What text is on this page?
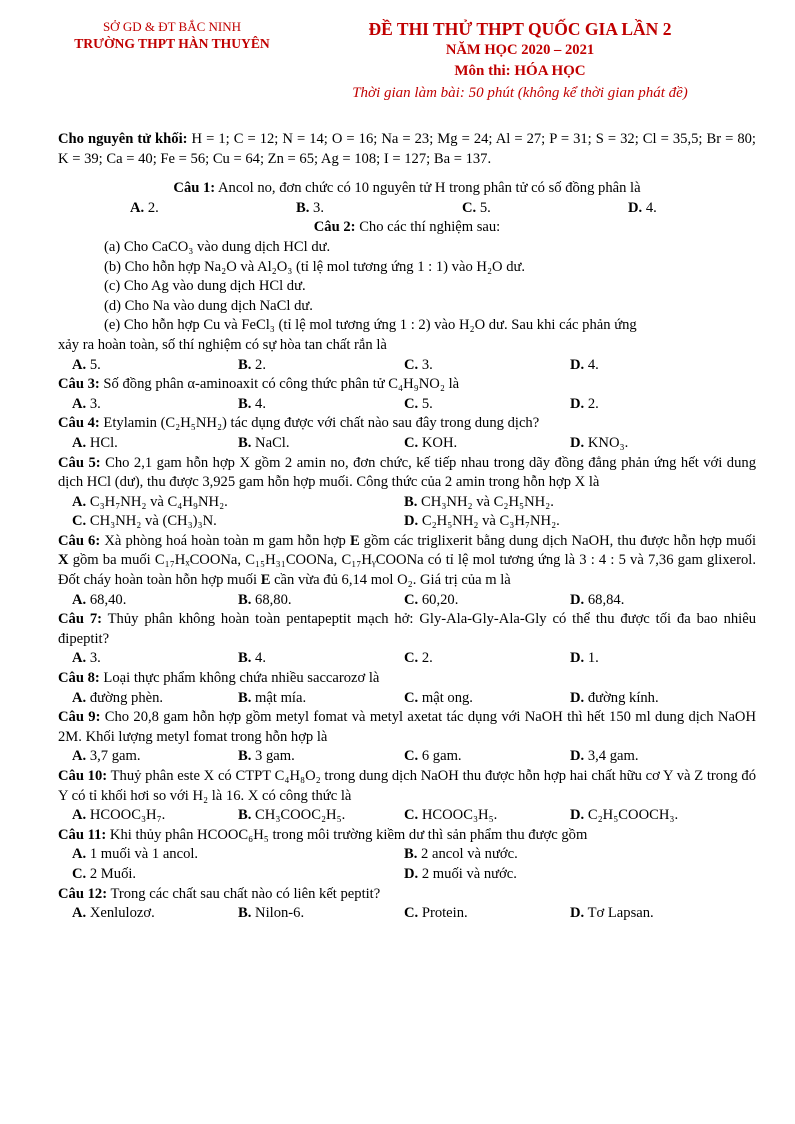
SỞ GD & ĐT BẮC NINH
TRƯỜNG THPT HÀN THUYÊN
ĐỀ THI THỬ THPT QUỐC GIA LẦN 2
NĂM HỌC 2020 – 2021
Môn thi: HÓA HỌC
Thời gian làm bài: 50 phút (không kể thời gian phát đề)
Cho nguyên tử khối: H = 1; C = 12; N = 14; O = 16; Na = 23; Mg = 24; Al = 27; P = 31; S = 32; Cl = 35,5; Br = 80; K = 39; Ca = 40; Fe = 56; Cu = 64; Zn = 65; Ag = 108; I = 127; Ba = 137.
Câu 1: Ancol no, đơn chức có 10 nguyên tử H trong phân tử có số đồng phân là
A. 2.	B. 3.	C. 5.	D. 4.
Câu 2: Cho các thí nghiệm sau:
(a) Cho CaCO₃ vào dung dịch HCl dư.
(b) Cho hỗn hợp Na₂O và Al₂O₃ (tỉ lệ mol tương ứng 1 : 1) vào H₂O dư.
(c) Cho Ag vào dung dịch HCl dư.
(d) Cho Na vào dung dịch NaCl dư.
(e) Cho hỗn hợp Cu và FeCl₃ (tỉ lệ mol tương ứng 1 : 2) vào H₂O dư. Sau khi các phản ứng
xảy ra hoàn toàn, số thí nghiệm có sự hòa tan chất rắn là
A. 5.	B. 2.	C. 3.	D. 4.
Câu 3: Số đồng phân α-aminoaxit có công thức phân tử C₄H₉NO₂ là
A. 3.	B. 4.	C. 5.	D. 2.
Câu 4: Etylamin (C₂H₅NH₂) tác dụng được với chất nào sau đây trong dung dịch?
A. HCl.	B. NaCl.	C. KOH.	D. KNO₃.
Câu 5: Cho 2,1 gam hỗn hợp X gồm 2 amin no, đơn chức, kế tiếp nhau trong dãy đồng đẳng phản ứng hết với dung dịch HCl (dư), thu được 3,925 gam hỗn hợp muối. Công thức của 2 amin trong hỗn hợp X là
A. C₃H₇NH₂ và C₄H₉NH₂.	B. CH₃NH₂ và C₂H₅NH₂.
C. CH₃NH₂ và (CH₃)₃N.	D. C₂H₅NH₂ và C₃H₇NH₂.
Câu 6: Xà phòng hoá hoàn toàn m gam hỗn hợp E gồm các triglixerit bằng dung dịch NaOH, thu được hỗn hợp muối X gồm ba muối C₁₇HₓCOONa, C₁₅H₃₁COONa, C₁₇HᵧCOONa có tỉ lệ mol tương ứng là 3 : 4 : 5 và 7,36 gam glixerol. Đốt cháy hoàn toàn hỗn hợp muối E cần vừa đủ 6,14 mol O₂. Giá trị của m là
A. 68,40.	B. 68,80.	C. 60,20.	D. 68,84.
Câu 7: Thủy phân không hoàn toàn pentapeptit mạch hở: Gly-Ala-Gly-Ala-Gly có thể thu được tối đa bao nhiêu đipeptit?
A. 3.	B. 4.	C. 2.	D. 1.
Câu 8: Loại thực phẩm không chứa nhiều saccarozơ là
A. đường phèn.	B. mật mía.	C. mật ong.	D. đường kính.
Câu 9: Cho 20,8 gam hỗn hợp gồm metyl fomat và metyl axetat tác dụng với NaOH thì hết 150 ml dung dịch NaOH 2M. Khối lượng metyl fomat trong hỗn hợp là
A. 3,7 gam.	B. 3 gam.	C. 6 gam.	D. 3,4 gam.
Câu 10: Thuỷ phân este X có CTPT C₄H₈O₂ trong dung dịch NaOH thu được hỗn hợp hai chất hữu cơ Y và Z trong đó Y có tỉ khối hơi so với H₂ là 16. X có công thức là
A. HCOOC₃H₇.	B. CH₃COOC₂H₅.	C. HCOOC₃H₅.	D. C₂H₅COOCH₃.
Câu 11: Khi thủy phân HCOOC₆H₅ trong môi trường kiềm dư thì sản phẩm thu được gồm
A. 1 muối và 1 ancol.	B. 2 ancol và nước.
C. 2 Muối.	D. 2 muối và nước.
Câu 12: Trong các chất sau chất nào có liên kết peptit?
A. Xenlulozơ.	B. Nilon-6.	C. Protein.	D. Tơ Lapsan.
